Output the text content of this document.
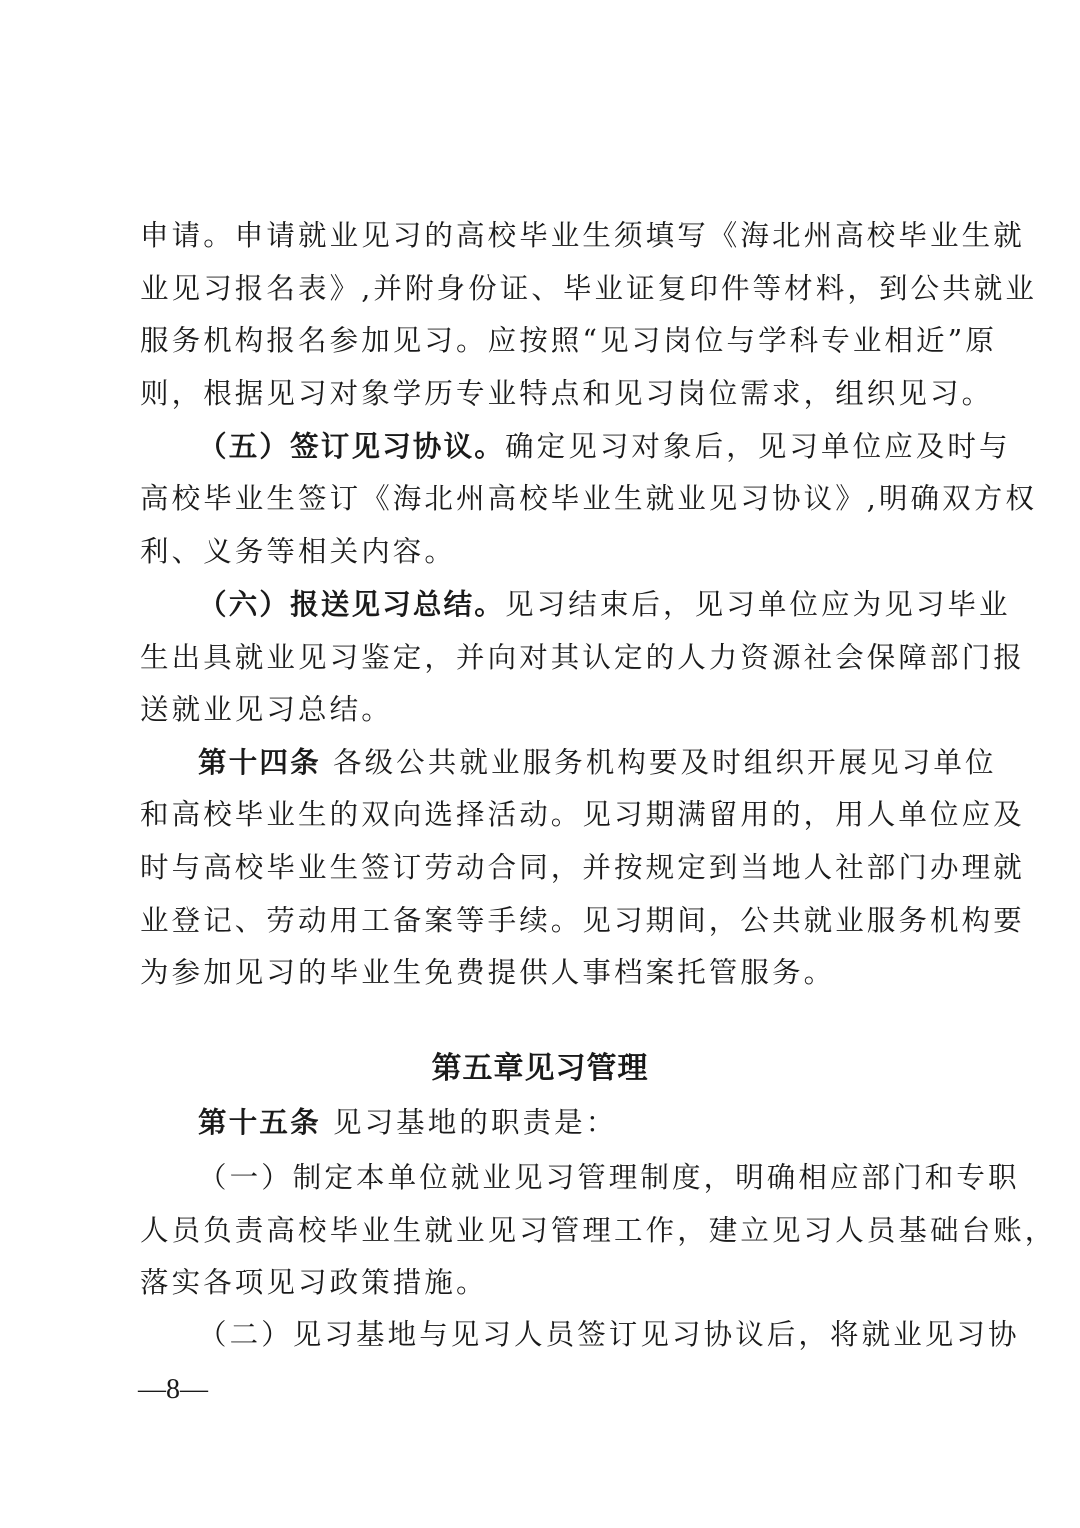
申请。申请就业见习的高校毕业生须填写《海北州高校毕业生就
业见习报名表》,并附身份证、毕业证复印件等材料，到公共就业
服务机构报名参加见习。应按照“见习岗位与学科专业相近”原
则，根据见习对象学历专业特点和见习岗位需求，组织见习。
（五）签订见习协议。确定见习对象后，见习单位应及时与
高校毕业生签订《海北州高校毕业生就业见习协议》,明确双方权
利、义务等相关内容。
（六）报送见习总结。见习结束后，见习单位应为见习毕业
生出具就业见习鉴定，并向对其认定的人力资源社会保障部门报
送就业见习总结。
第十四条 各级公共就业服务机构要及时组织开展见习单位
和高校毕业生的双向选择活动。见习期满留用的，用人单位应及
时与高校毕业生签订劳动合同，并按规定到当地人社部门办理就
业登记、劳动用工备案等手续。见习期间，公共就业服务机构要
为参加见习的毕业生免费提供人事档案托管服务。
第五章见习管理
第十五条 见习基地的职责是：
（一）制定本单位就业见习管理制度，明确相应部门和专职
人员负责高校毕业生就业见习管理工作，建立见习人员基础台账，
落实各项见习政策措施。
（二）见习基地与见习人员签订见习协议后，将就业见习协
—8—
